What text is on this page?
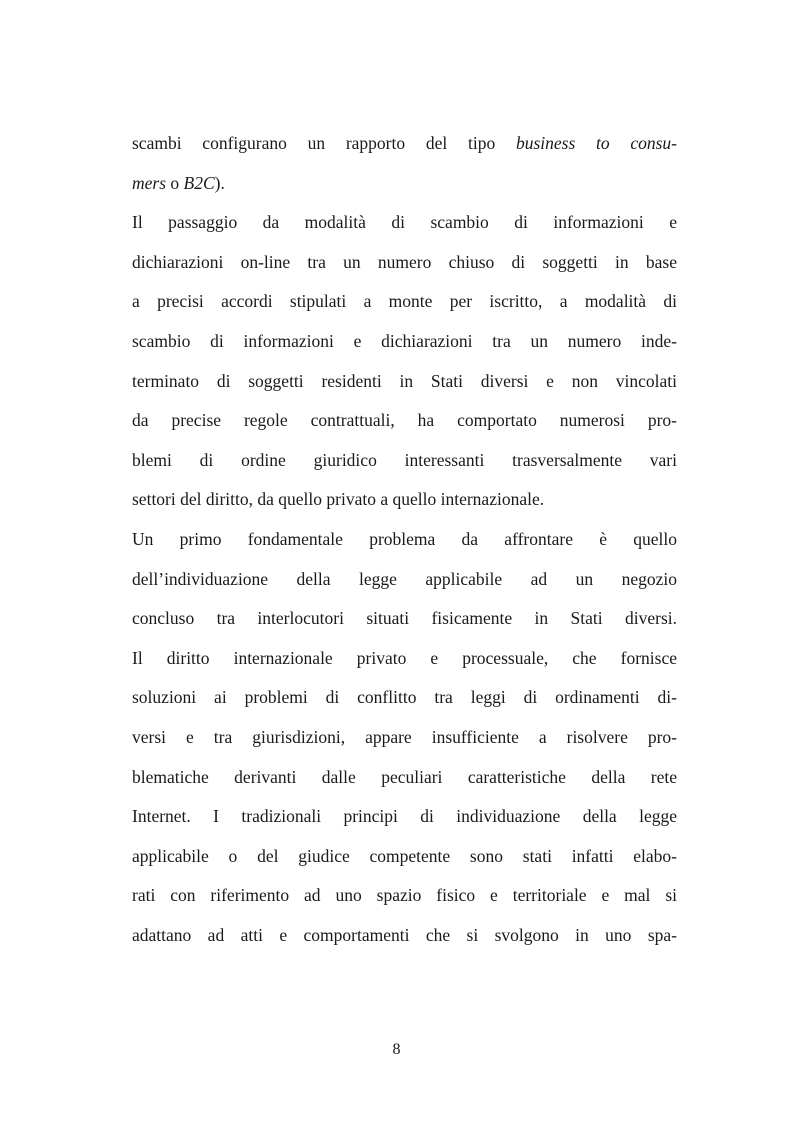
scambi configurano un rapporto del tipo business to consu-
mers o B2C).
Il passaggio da modalità di scambio di informazioni e
dichiarazioni on-line tra un numero chiuso di soggetti in base
a precisi accordi stipulati a monte per iscritto, a modalità di
scambio di informazioni e dichiarazioni tra un numero inde-
terminato di soggetti residenti in Stati diversi e non vincolati
da precise regole contrattuali, ha comportato numerosi pro-
blemi di ordine giuridico interessanti trasversalmente vari
settori del diritto, da quello privato a quello internazionale.
Un primo fondamentale problema da affrontare è quello
dell’individuazione della legge applicabile ad un negozio
concluso tra interlocutori situati fisicamente in Stati diversi.
Il diritto internazionale privato e processuale, che fornisce
soluzioni ai problemi di conflitto tra leggi di ordinamenti di-
versi e tra giurisdizioni, appare insufficiente a risolvere pro-
blematiche derivanti dalle peculiari caratteristiche della rete
Internet. I tradizionali principi di individuazione della legge
applicabile o del giudice competente sono stati infatti elabo-
rati con riferimento ad uno spazio fisico e territoriale e mal si
adattano ad atti e comportamenti che si svolgono in uno spa-
8
